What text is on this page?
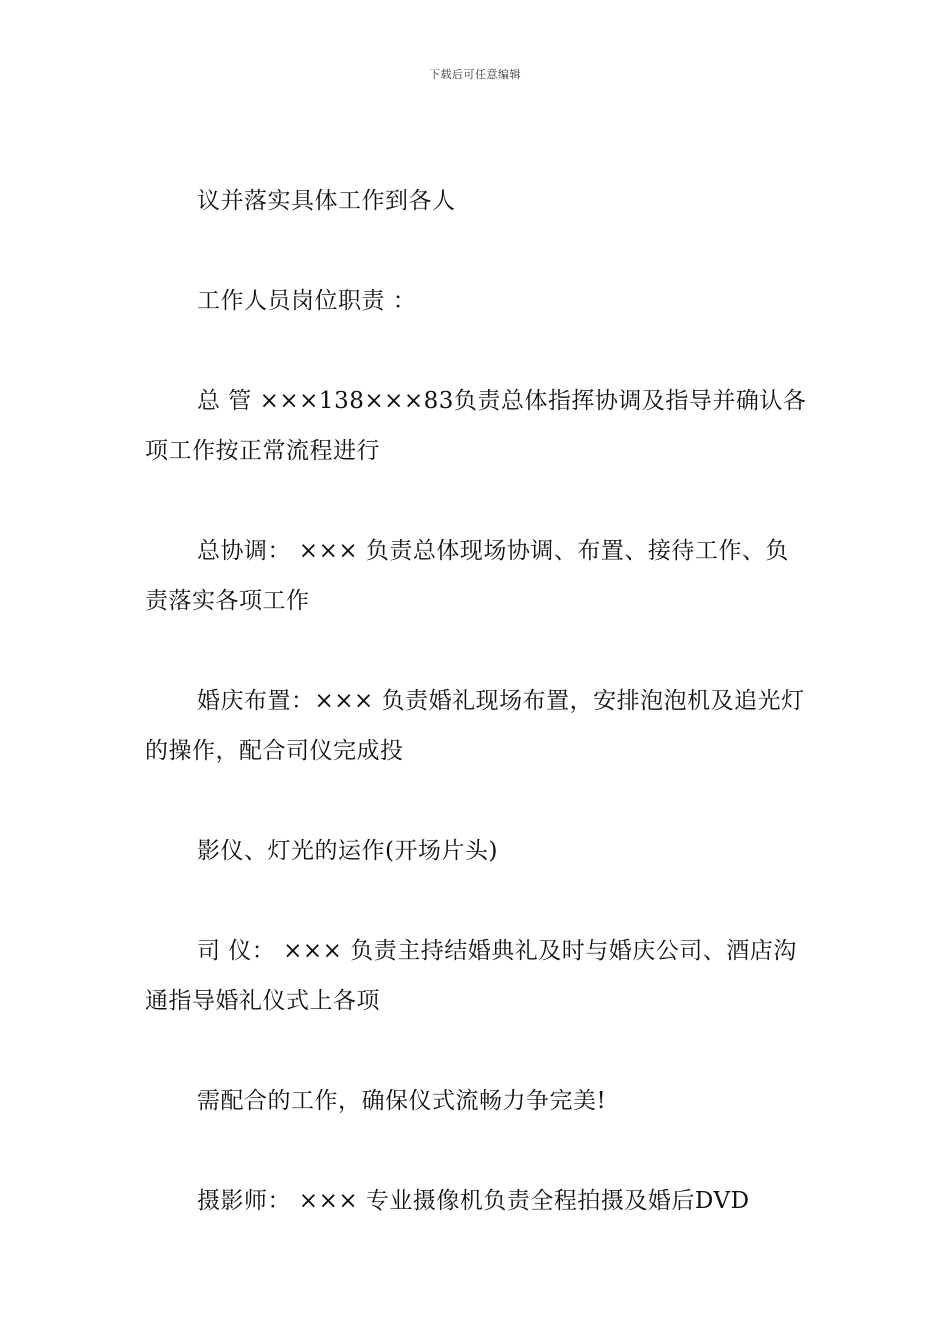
下载后可任意编辑

议并落实具体工作到各人

工作人员岗位职责 ：

总 管 ×××138×××83负责总体指挥协调及指导并确认各项工作按正常流程进行

总协调： ××× 负责总体现场协调、布置、接待工作、负责落实各项工作

婚庆布置：××× 负责婚礼现场布置，安排泡泡机及追光灯的操作，配合司仪完成投

影仪、灯光的运作(开场片头)

司 仪： ××× 负责主持结婚典礼及时与婚庆公司、酒店沟通指导婚礼仪式上各项

需配合的工作，确保仪式流畅力争完美!

摄影师： ××× 专业摄像机负责全程拍摄及婚后DVD
